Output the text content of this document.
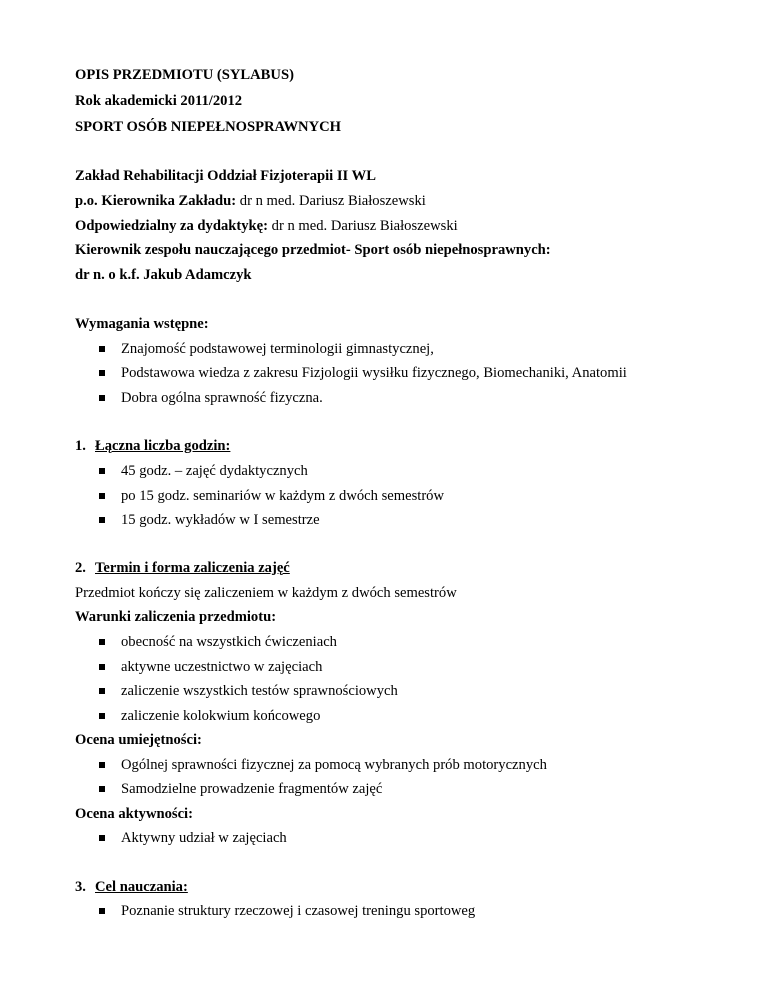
OPIS PRZEDMIOTU (SYLABUS)
Rok akademicki 2011/2012
SPORT OSÓB NIEPEŁNOSPRAWNYCH
Zakład Rehabilitacji Oddział Fizjoterapii II WL
p.o. Kierownika Zakładu: dr n med. Dariusz Białoszewski
Odpowiedzialny za dydaktykę: dr n med. Dariusz Białoszewski
Kierownik zespołu nauczającego przedmiot- Sport osób niepełnosprawnych:
dr n. o k.f. Jakub Adamczyk
Wymagania wstępne:
Znajomość podstawowej terminologii gimnastycznej,
Podstawowa wiedza z zakresu Fizjologii wysiłku fizycznego, Biomechaniki, Anatomii
Dobra ogólna sprawność fizyczna.
1. Łączna liczba godzin:
45 godz. – zajęć dydaktycznych
po 15 godz. seminariów w każdym z dwóch semestrów
15 godz. wykładów w I semestrze
2. Termin i forma zaliczenia zajęć
Przedmiot kończy się zaliczeniem w każdym z dwóch semestrów
Warunki zaliczenia przedmiotu:
obecność na wszystkich ćwiczeniach
aktywne uczestnictwo w zajęciach
zaliczenie wszystkich testów sprawnościowych
zaliczenie kolokwium końcowego
Ocena umiejętności:
Ogólnej sprawności fizycznej za pomocą wybranych prób motorycznych
Samodzielne prowadzenie fragmentów zajęć
Ocena aktywności:
Aktywny udział w zajęciach
3. Cel nauczania:
Poznanie struktury rzeczowej i czasowej treningu sportoweg
